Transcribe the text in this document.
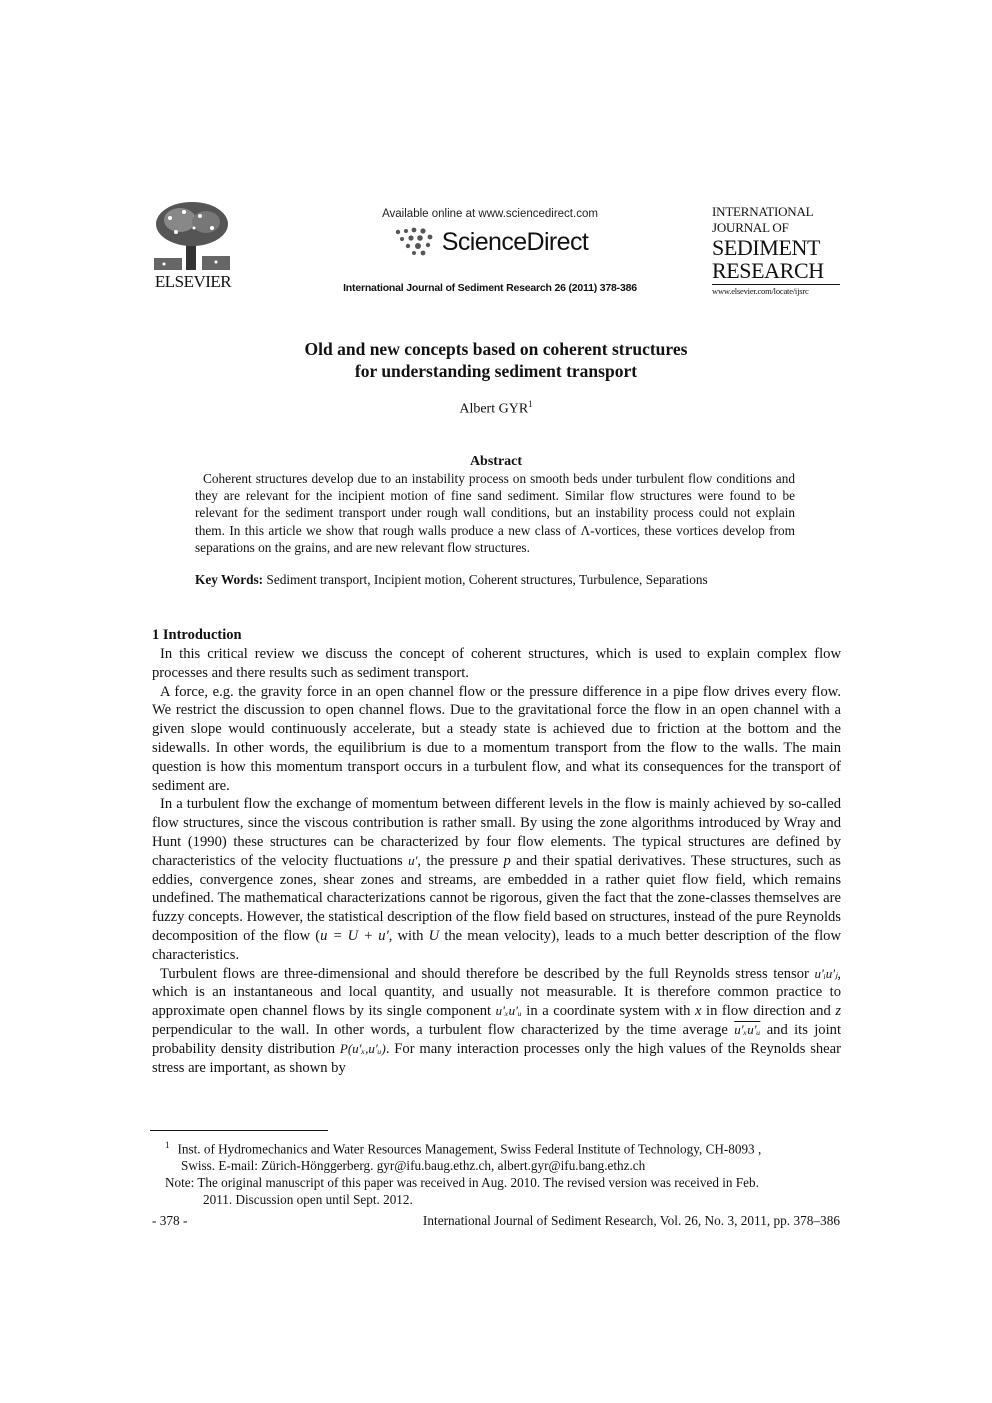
ELSEVIER
Available online at www.sciencedirect.com
ScienceDirect
International Journal of Sediment Research 26 (2011) 378-386
INTERNATIONAL
JOURNAL OF
SEDIMENT
RESEARCH
www.elsevier.com/locate/ijsrc
Old and new concepts based on coherent structures
for understanding sediment transport
Albert GYR$^1$
Abstract
Coherent structures develop due to an instability process on smooth beds under turbulent flow conditions and they are relevant for the incipient motion of fine sand sediment. Similar flow structures were found to be relevant for the sediment transport under rough wall conditions, but an instability process could not explain them. In this article we show that rough walls produce a new class of Λ-vortices, these vortices develop from separations on the grains, and are new relevant flow structures.
Key Words: Sediment transport, Incipient motion, Coherent structures, Turbulence, Separations
1 Introduction

In this critical review we discuss the concept of coherent structures, which is used to explain complex flow processes and there results such as sediment transport.

A force, e.g. the gravity force in an open channel flow or the pressure difference in a pipe flow drives every flow. We restrict the discussion to open channel flows. Due to the gravitational force the flow in an open channel with a given slope would continuously accelerate, but a steady state is achieved due to friction at the bottom and the sidewalls. In other words, the equilibrium is due to a momentum transport from the flow to the walls. The main question is how this momentum transport occurs in a turbulent flow, and what its consequences for the transport of sediment are.

In a turbulent flow the exchange of momentum between different levels in the flow is mainly achieved by so-called flow structures, since the viscous contribution is rather small. By using the zone algorithms introduced by Wray and Hunt (1990) these structures can be characterized by four flow elements. The typical structures are defined by characteristics of the velocity fluctuations u', the pressure p and their spatial derivatives. These structures, such as eddies, convergence zones, shear zones and streams, are embedded in a rather quiet flow field, which remains undefined. The mathematical characterizations cannot be rigorous, given the fact that the zone-classes themselves are fuzzy concepts. However, the statistical description of the flow field based on structures, instead of the pure Reynolds decomposition of the flow (u = U + u', with U the mean velocity), leads to a much better description of the flow characteristics.

Turbulent flows are three-dimensional and should therefore be described by the full Reynolds stress tensor u'ᵢu'ⱼ, which is an instantaneous and local quantity, and usually not measurable. It is therefore common practice to approximate open channel flows by its single component u'ₓu'ᵤ in a coordinate system with x in flow direction and z perpendicular to the wall. In other words, a turbulent flow characterized by the time average u'ₓu'ᵤ and its joint probability density distribution P(u'ₓ,u'ᵤ). For many interaction processes only the high values of the Reynolds shear stress are important, as shown by

$^1$ Inst. of Hydromechanics and Water Resources Management, Swiss Federal Institute of Technology, CH-8093 ,
Swiss. E-mail: Zürich-Hönggerberg. gyr@ifu.baug.ethz.ch, albert.gyr@ifu.bang.ethz.ch
Note: The original manuscript of this paper was received in Aug. 2010. The revised version was received in Feb.
2011. Discussion open until Sept. 2012.
- 378 -	International Journal of Sediment Research, Vol. 26, No. 3, 2011, pp. 378–386
